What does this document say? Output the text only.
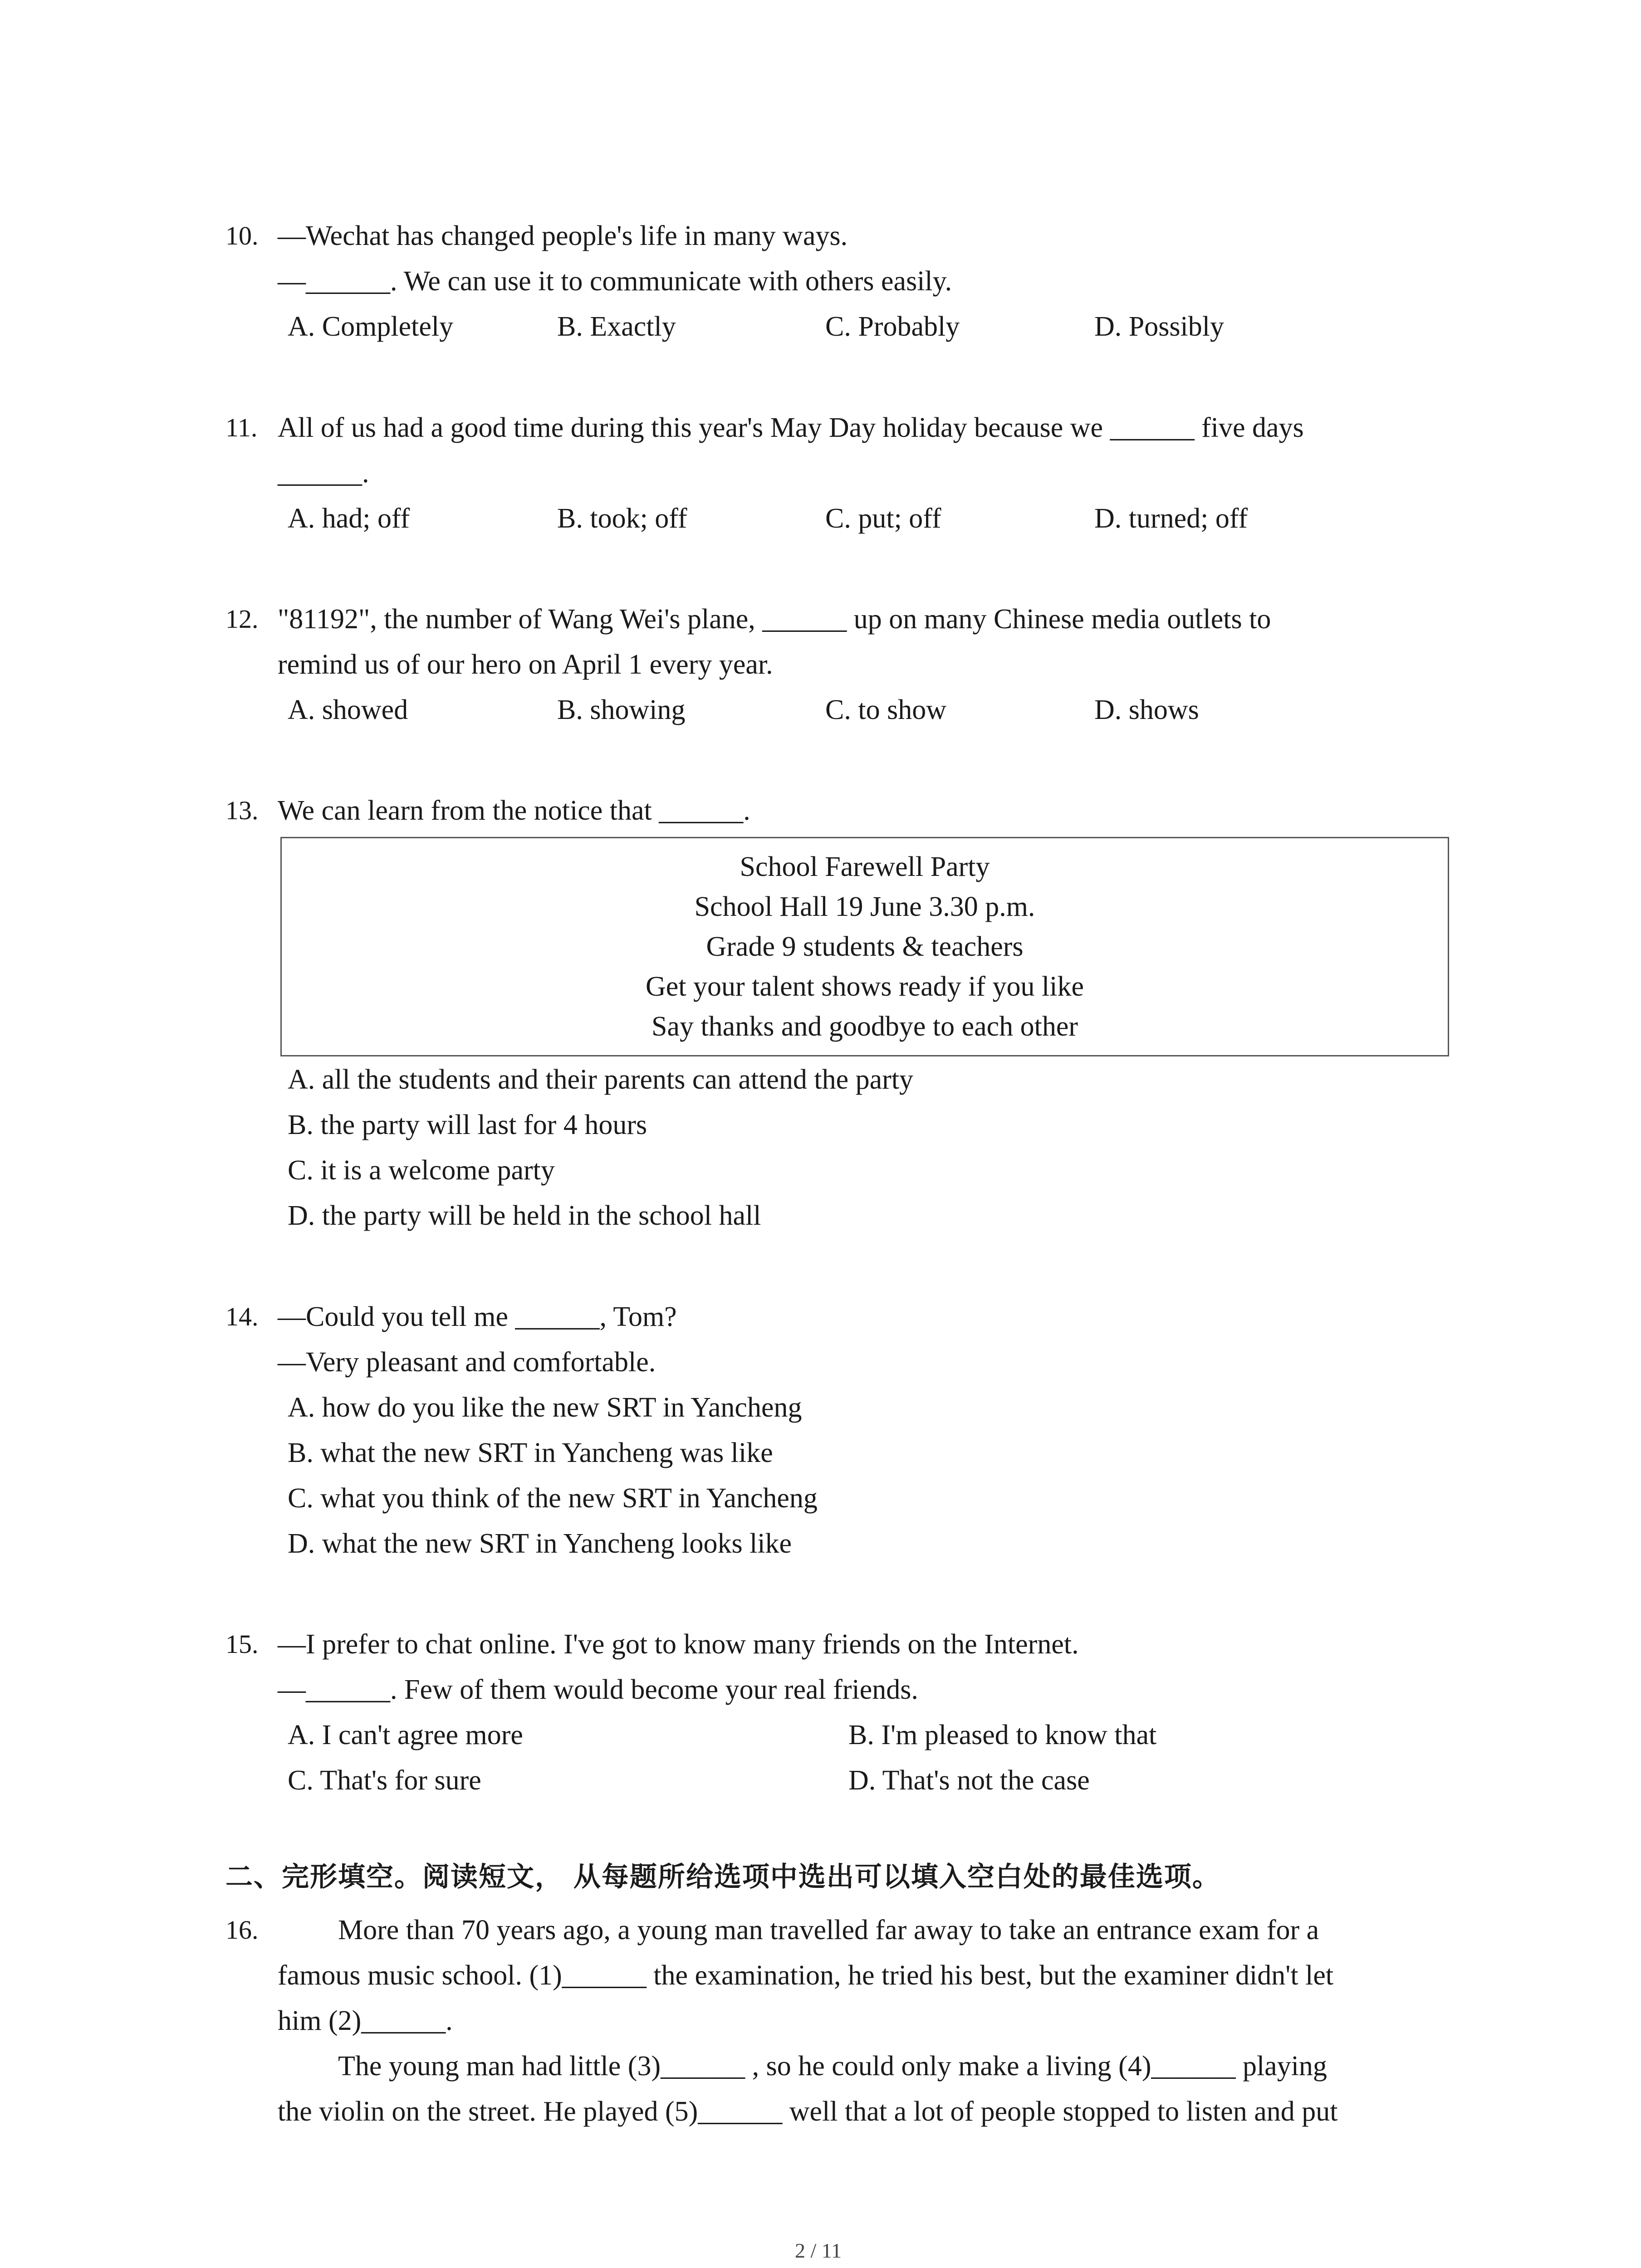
10. —Wechat has changed people's life in many ways.
—______. We can use it to communicate with others easily.
A. Completely	B. Exactly	C. Probably	D. Possibly
11. All of us had a good time during this year's May Day holiday because we ______ five days
______.
A. had; off	B. took; off	C. put; off	D. turned; off
12. "81192", the number of Wang Wei's plane, ______ up on many Chinese media outlets to
remind us of our hero on April 1 every year.
A. showed	B. showing	C. to show	D. shows
13. We can learn from the notice that ______.
School Farewell Party
School Hall 19 June 3.30 p.m.
Grade 9 students & teachers
Get your talent shows ready if you like
Say thanks and goodbye to each other
A. all the students and their parents can attend the party
B. the party will last for 4 hours
C. it is a welcome party
D. the party will be held in the school hall
14. —Could you tell me ______, Tom?
—Very pleasant and comfortable.
A. how do you like the new SRT in Yancheng
B. what the new SRT in Yancheng was like
C. what you think of the new SRT in Yancheng
D. what the new SRT in Yancheng looks like
15. —I prefer to chat online. I've got to know many friends on the Internet.
—______. Few of them would become your real friends.
A. I can't agree more	B. I'm pleased to know that
C. That's for sure	D. That's not the case
二、完形填空。阅读短文， 从每题所给选项中选出可以填入空白处的最佳选项。
16.	More than 70 years ago, a young man travelled far away to take an entrance exam for a
famous music school. (1)______ the examination, he tried his best, but the examiner didn't let
him (2)______.
The young man had little (3)______ , so he could only make a living (4)______ playing
the violin on the street. He played (5)______ well that a lot of people stopped to listen and put
2 / 11
